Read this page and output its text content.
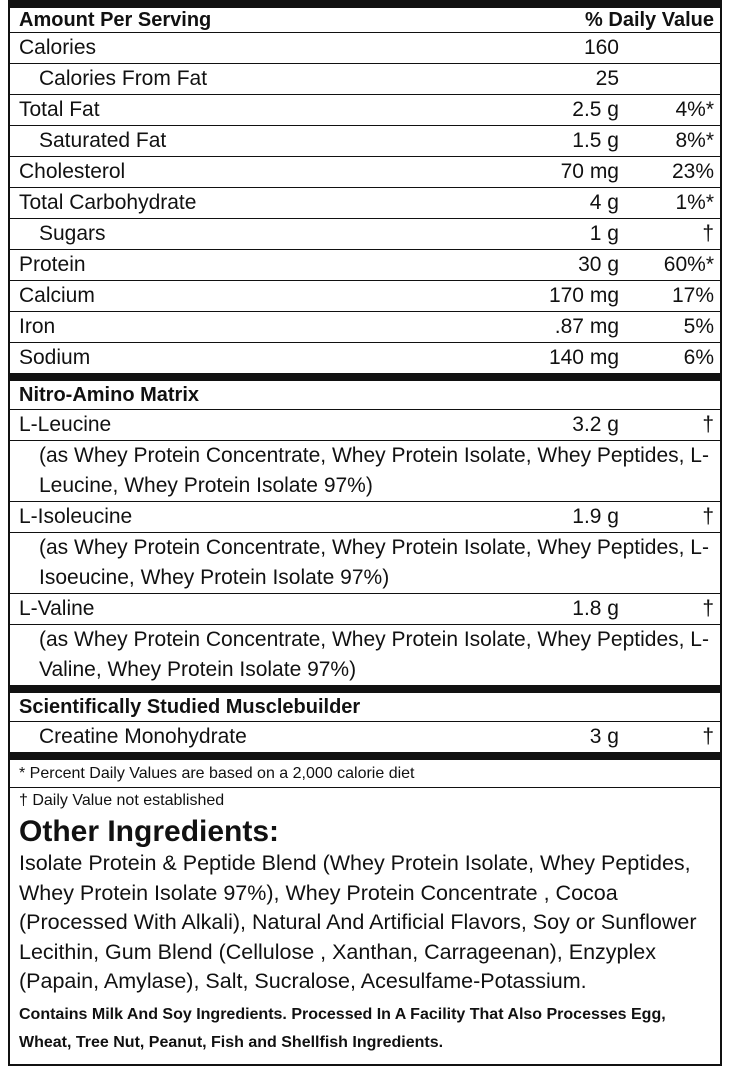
Amount Per Serving	% Daily Value
Calories	160
Calories From Fat	25
Total Fat	2.5 g	4%*
Saturated Fat	1.5 g	8%*
Cholesterol	70 mg	23%
Total Carbohydrate	4 g	1%*
Sugars	1 g	†
Protein	30 g	60%*
Calcium	170 mg	17%
Iron	.87 mg	5%
Sodium	140 mg	6%
Nitro-Amino Matrix
L-Leucine	3.2 g	†
(as Whey Protein Concentrate, Whey Protein Isolate, Whey Peptides, L-Leucine, Whey Protein Isolate 97%)
L-Isoleucine	1.9 g	†
(as Whey Protein Concentrate, Whey Protein Isolate, Whey Peptides, L-Isoeucine, Whey Protein Isolate 97%)
L-Valine	1.8 g	†
(as Whey Protein Concentrate, Whey Protein Isolate, Whey Peptides, L-Valine, Whey Protein Isolate 97%)
Scientifically Studied Musclebuilder
Creatine Monohydrate	3 g	†
* Percent Daily Values are based on a 2,000 calorie diet
† Daily Value not established
Other Ingredients:
Isolate Protein & Peptide Blend (Whey Protein Isolate, Whey Peptides, Whey Protein Isolate 97%), Whey Protein Concentrate , Cocoa (Processed With Alkali), Natural And Artificial Flavors, Soy or Sunflower Lecithin, Gum Blend (Cellulose , Xanthan, Carrageenan), Enzyplex (Papain, Amylase), Salt, Sucralose, Acesulfame-Potassium.
Contains Milk And Soy Ingredients. Processed In A Facility That Also Processes Egg, Wheat, Tree Nut, Peanut, Fish and Shellfish Ingredients.
